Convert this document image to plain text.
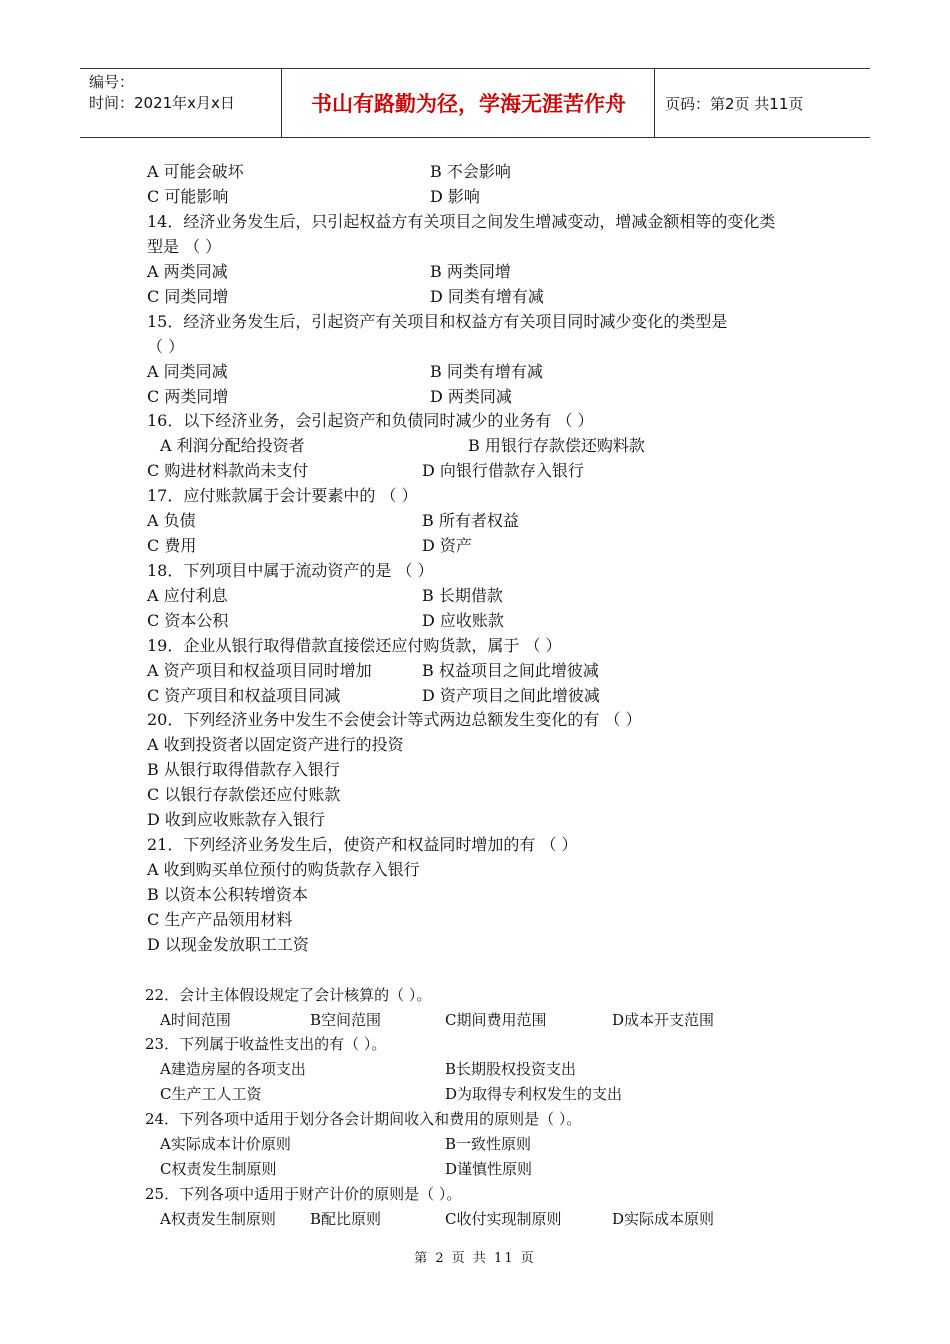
编号：
时间：2021年x月x日	书山有路勤为径，学海无涯苦作舟	页码：第2页 共11页
A 可能会破坏	B 不会影响
C 可能影响	D 影响
14．经济业务发生后，只引起权益方有关项目之间发生增减变动，增减金额相等的变化类
型是 （ ）
A 两类同减	B 两类同增
C 同类同增	D 同类有增有减
15．经济业务发生后，引起资产有关项目和权益方有关项目同时减少变化的类型是
（ ）
A 同类同减	B 同类有增有减
C 两类同增	D 两类同减
16．以下经济业务，会引起资产和负债同时减少的业务有 （ ）
A 利润分配给投资者	B 用银行存款偿还购料款
C 购进材料款尚未支付	D 向银行借款存入银行
17．应付账款属于会计要素中的 （ ）
A 负债	B 所有者权益
C 费用	D 资产
18．下列项目中属于流动资产的是 （ ）
A 应付利息	B 长期借款
C 资本公积	D 应收账款
19．企业从银行取得借款直接偿还应付购货款，属于 （ ）
A 资产项目和权益项目同时增加	B 权益项目之间此增彼减
C 资产项目和权益项目同减	D 资产项目之间此增彼减
20．下列经济业务中发生不会使会计等式两边总额发生变化的有 （ ）
A 收到投资者以固定资产进行的投资
B 从银行取得借款存入银行
C 以银行存款偿还应付账款
D 收到应收账款存入银行
21．下列经济业务发生后，使资产和权益同时增加的有 （ ）
A 收到购买单位预付的购货款存入银行
B 以资本公积转增资本
C 生产产品领用材料
D 以现金发放职工工资
22．会计主体假设规定了会计核算的（ ）。
A时间范围	B空间范围	C期间费用范围	D成本开支范围
23．下列属于收益性支出的有（ ）。
A建造房屋的各项支出	B长期股权投资支出
C生产工人工资	D为取得专利权发生的支出
24．下列各项中适用于划分各会计期间收入和费用的原则是（ ）。
A实际成本计价原则	B一致性原则
C权责发生制原则	D谨慎性原则
25．下列各项中适用于财产计价的原则是（ ）。
A权责发生制原则 B配比原则	C收付实现制原则	D实际成本原则
第 2 页 共 11 页
